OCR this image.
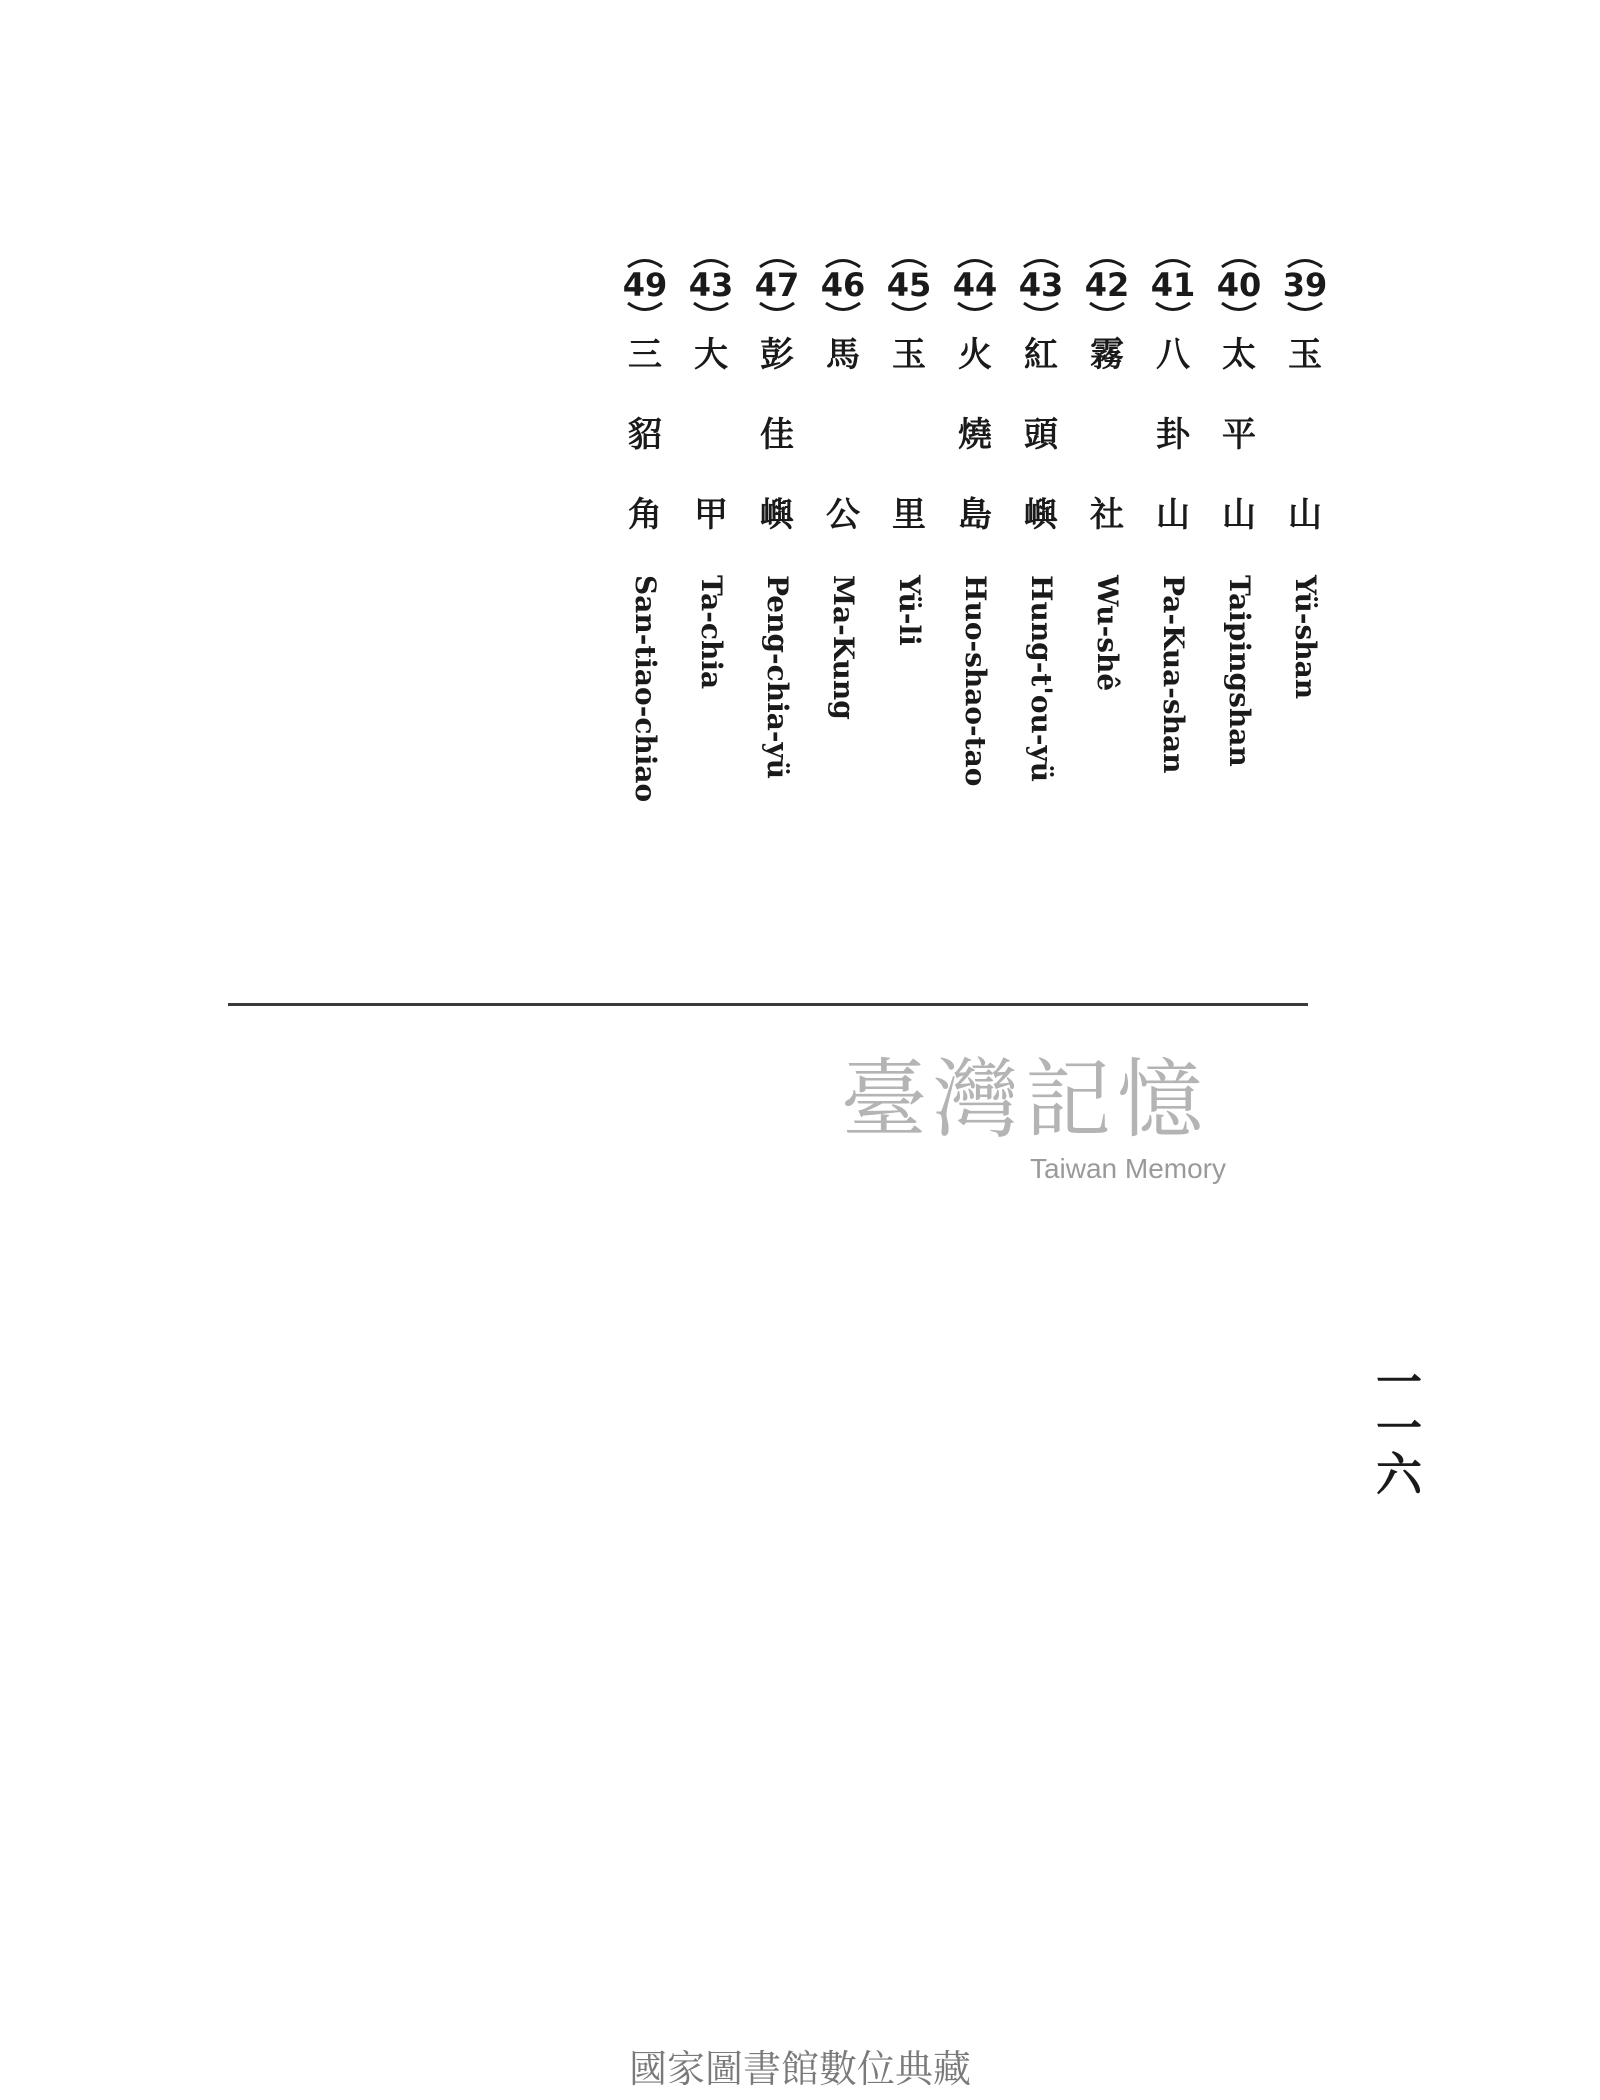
39
玉
山
Yü-shan
40
太
平
山
Taipingshan
41
八
卦
山
Pa-Kua-shan
42
霧
社
Wu-shê
43
紅
頭
嶼
Hung-t'ou-yü
44
火
燒
島
Huo-shao-tao
45
玉
里
Yü-li
46
馬
公
Ma-Kung
47
彭
佳
嶼
Peng-chia-yü
43
大
甲
Ta-chia
49
三
貂
角
San-tiao-chiao
臺灣記憶
Taiwan Memory
一一六
國家圖書館數位典藏
